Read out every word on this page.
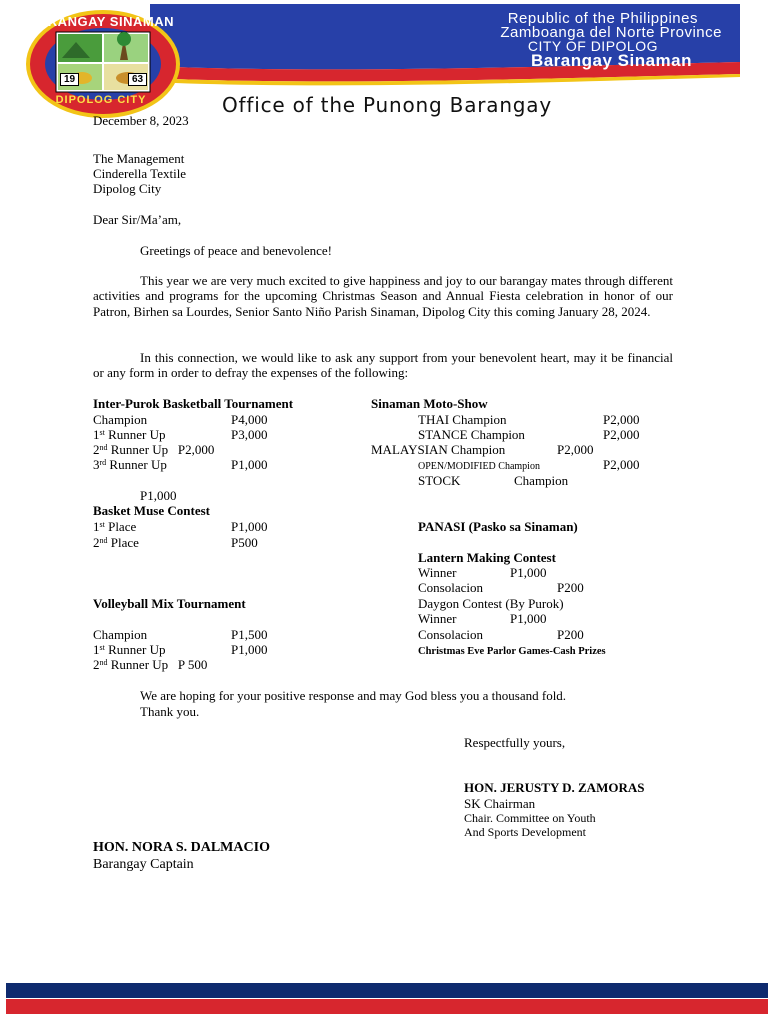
BARANGAY SINAMAN
19	63
DIPOLOG CITY
Republic of the Philippines
Zamboanga del Norte Province
CITY OF DIPOLOG
Barangay Sinaman
Office of the Punong Barangay
December 8, 2023
The Management
Cinderella Textile
Dipolog City
Dear Sir/Ma’am,
Greetings of peace and benevolence!
This year we are very much excited to give happiness and joy to our barangay mates through different activities and programs for the upcoming Christmas Season and Annual Fiesta celebration in honor of our Patron, Birhen sa Lourdes, Senior Santo Niño Parish Sinaman, Dipolog City this coming January 28, 2024.
In this connection, we would like to ask any support from your benevolent heart, may it be financial or any form in order to defray the expenses of the following:
Inter-Purok Basketball Tournament
Champion	P4,000
1st Runner Up	P3,000
2nd Runner Up   P2,000
3rd Runner Up	P1,000
P1,000
Basket Muse Contest
1st Place	P1,000
2nd Place	P500
Volleyball Mix Tournament
Champion	P1,500
1st Runner Up	P1,000
2nd Runner Up   P 500
Sinaman Moto-Show
THAI Champion	P2,000
STANCE Champion	P2,000
MALAYSIAN Champion	P2,000
OPEN/MODIFIED Champion	P2,000
STOCK	Champion
PANASI (Pasko sa Sinaman)
Lantern Making Contest
Winner	P1,000
Consolacion	P200
Daygon Contest (By Purok)
Winner	P1,000
Consolacion	P200
Christmas Eve Parlor Games-Cash Prizes
We are hoping for your positive response and may God bless you a thousand fold.
Thank you.
Respectfully yours,
HON. JERUSTY D. ZAMORAS
SK Chairman
Chair. Committee on Youth
And Sports Development
HON. NORA S. DALMACIO
Barangay Captain
